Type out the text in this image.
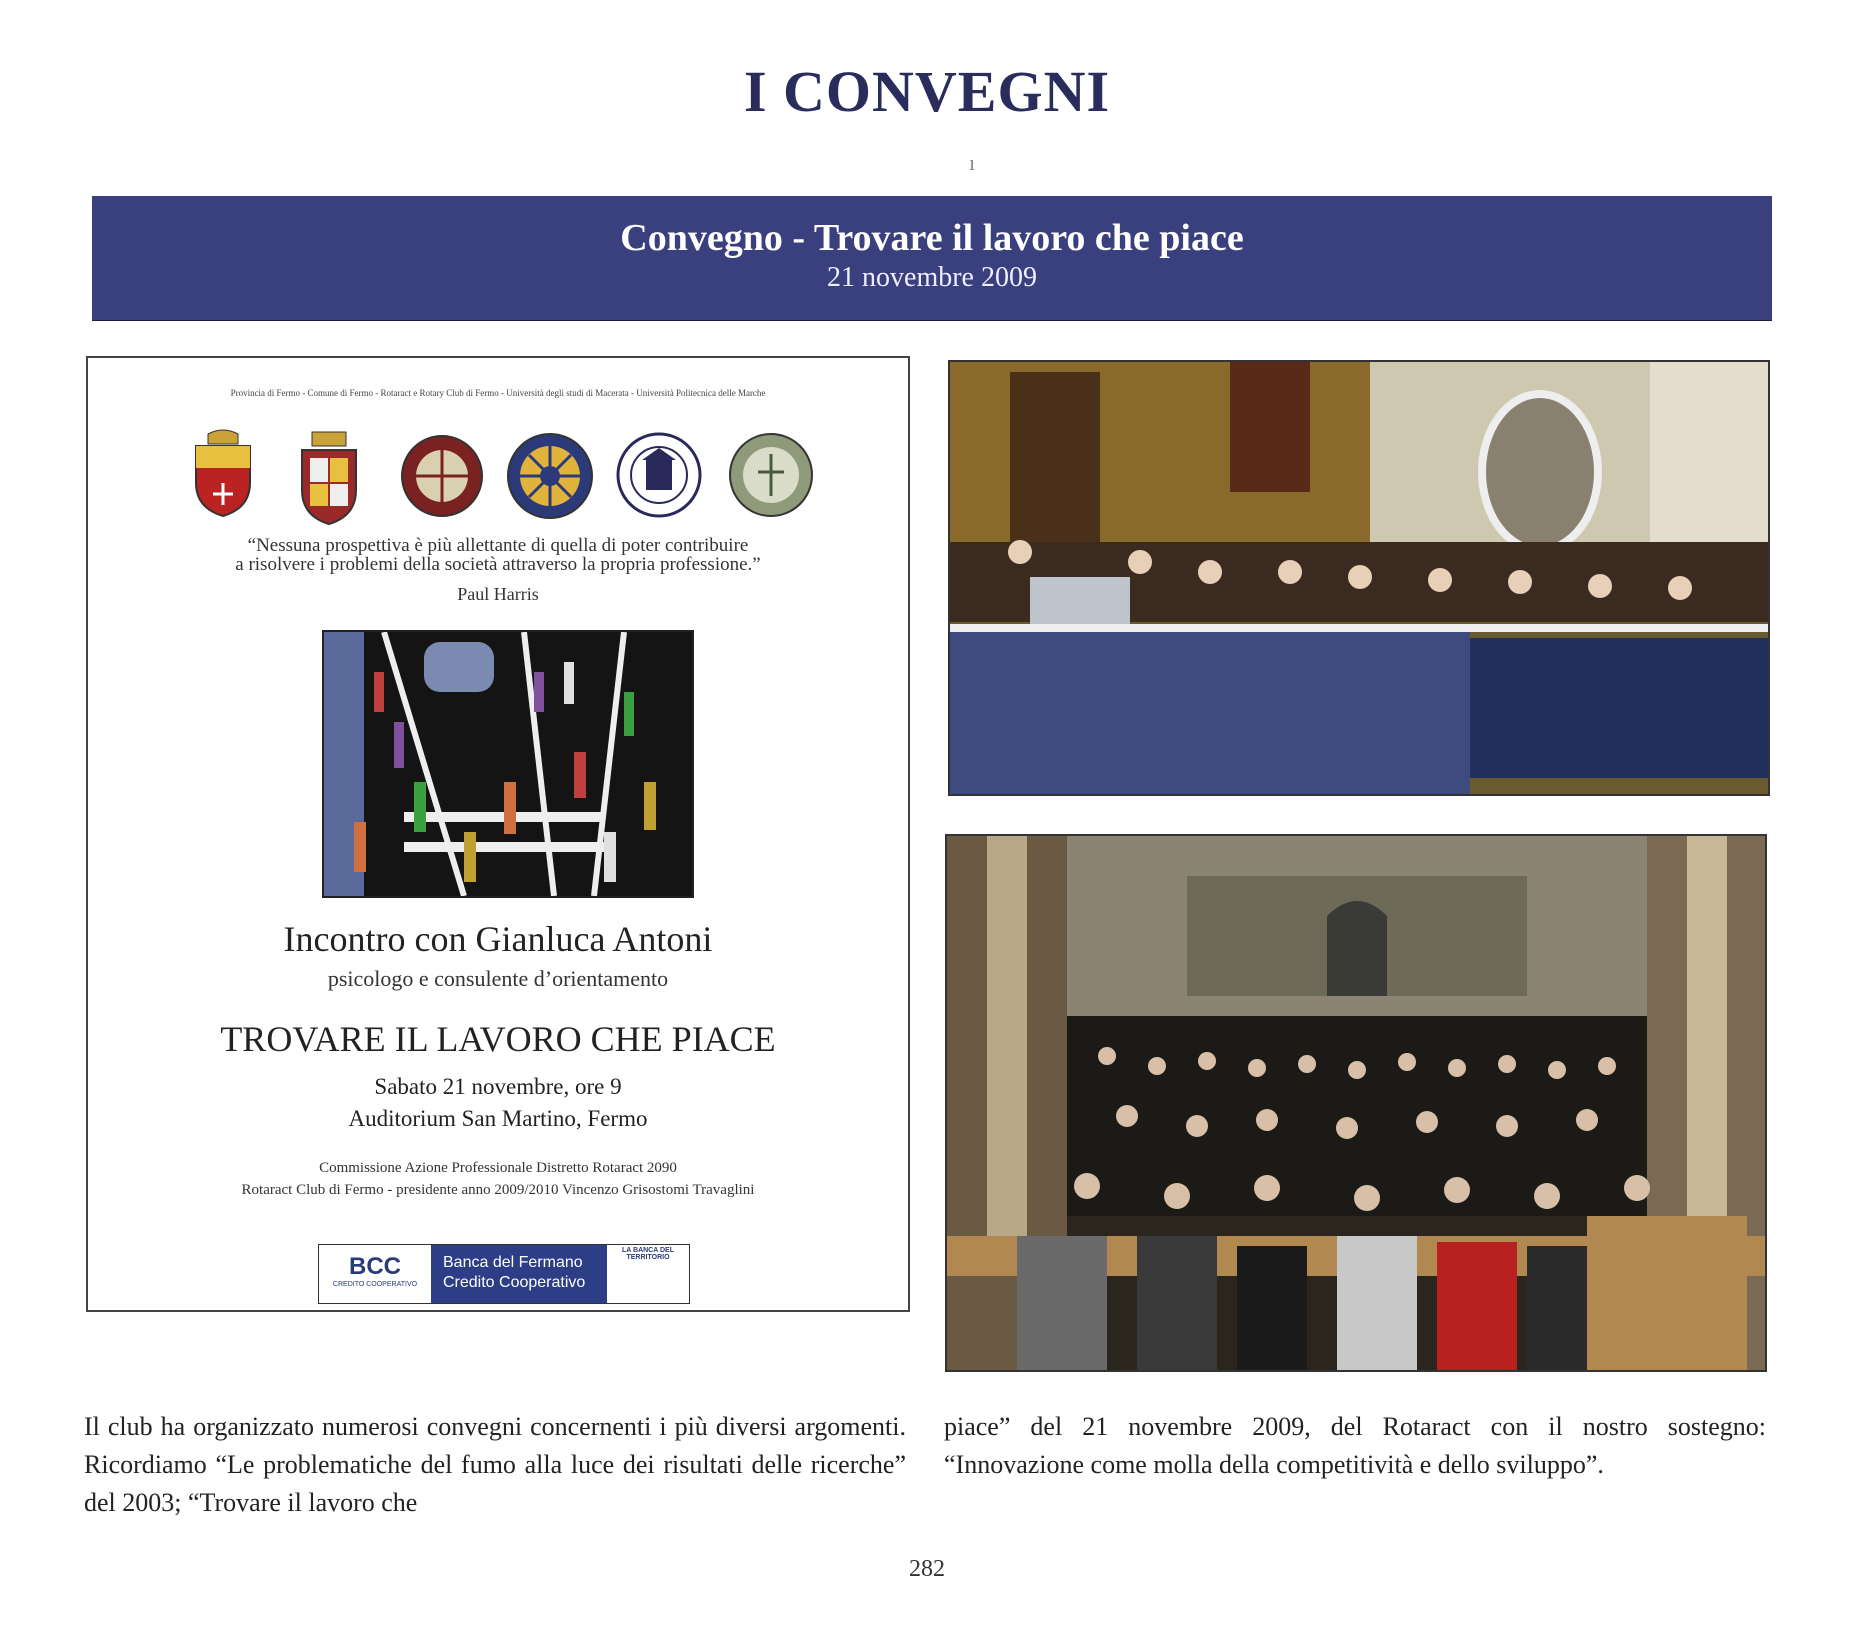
I CONVEGNI
ı
Convegno - Trovare il lavoro che piace
21 novembre 2009
Provincia di Fermo - Comune di Fermo - Rotaract e Rotary Club di Fermo - Università degli studi di Macerata - Università Politecnica delle Marche
“Nessuna prospettiva è più allettante di quella di poter contribuire
a risolvere i problemi della società attraverso la propria professione.”
Paul Harris
Incontro con Gianluca Antoni
psicologo e consulente d’orientamento
TROVARE IL LAVORO CHE PIACE
Sabato 21 novembre, ore 9
Auditorium San Martino, Fermo
Commissione Azione Professionale Distretto Rotaract 2090
Rotaract Club di Fermo - presidente anno 2009/2010 Vincenzo Grisostomi Travaglini
BCC
CREDITO COOPERATIVO
Banca del Fermano
Credito Cooperativo
LA BANCA DEL TERRITORIO
Il club ha organizzato numerosi convegni concernenti i più diversi argomenti. Ricordiamo “Le problematiche del fumo alla luce dei risultati delle ricerche” del 2003; “Trovare il lavoro che
piace” del 21 novembre 2009, del Rotaract con il nostro sostegno: “Innovazione come molla della competitività e dello sviluppo”.
282
